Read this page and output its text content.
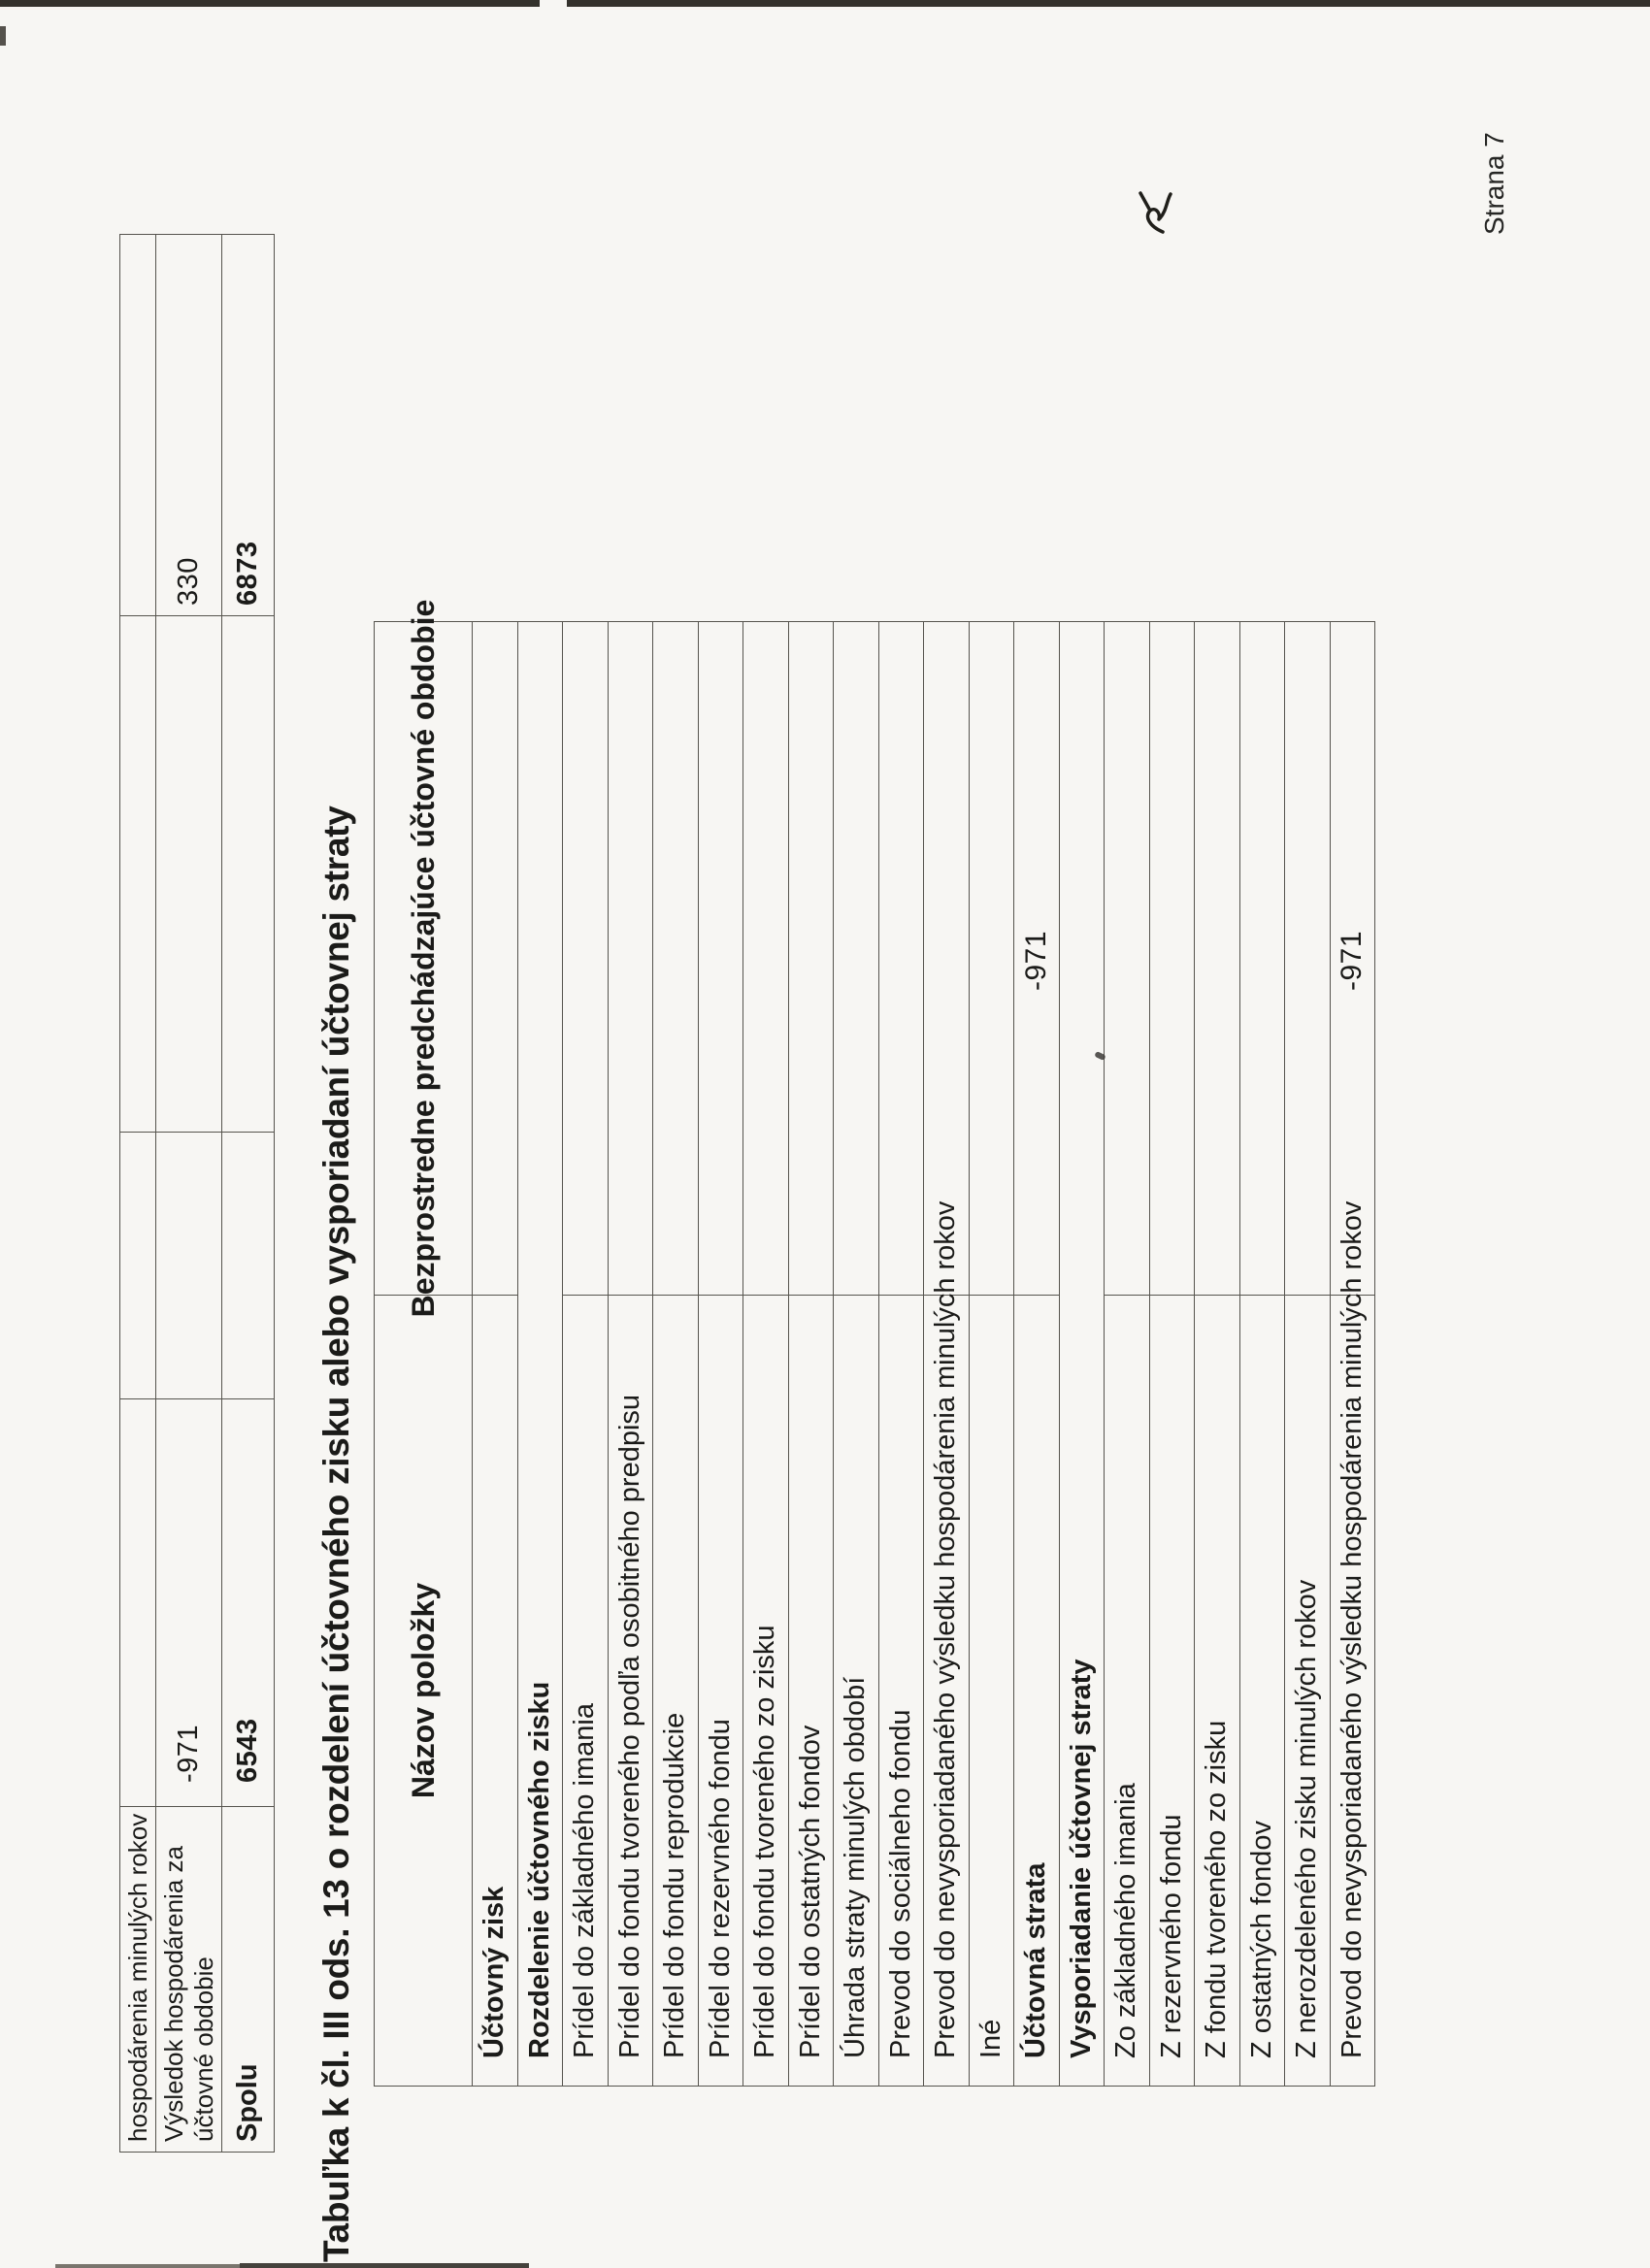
hospodárenia minulých rokov Výsledok hospodárenia za účtovné obdobie
-971
330
Spolu
6543
6873
Tabuľka k čl. III ods. 13 o rozdelení účtovného zisku alebo vysporiadaní účtovnej straty	Názov položky
Bezprostredne predchádzajúce účtovné obdobie
Účtovný zisk Rozdelenie účtovného zisku Prídel do základného imania Prídel do fondu tvoreného podľa osobitného predpisu Prídel do fondu reprodukcie Prídel do rezervného fondu Prídel do fondu tvoreného zo zisku Prídel do ostatných fondov Úhrada straty minulých období Prevod do sociálneho fondu Prevod do nevysporiadaného výsledku hospodárenia minulých rokov Iné Účtovná strata
-971
Vysporiadanie účtovnej straty Zo základného imania Z rezervného fondu Z fondu tvoreného zo zisku Z ostatných fondov Z nerozdeleného zisku minulých rokov Prevod do nevysporiadaného výsledku hospodárenia minulých rokov
-971
Strana 7
